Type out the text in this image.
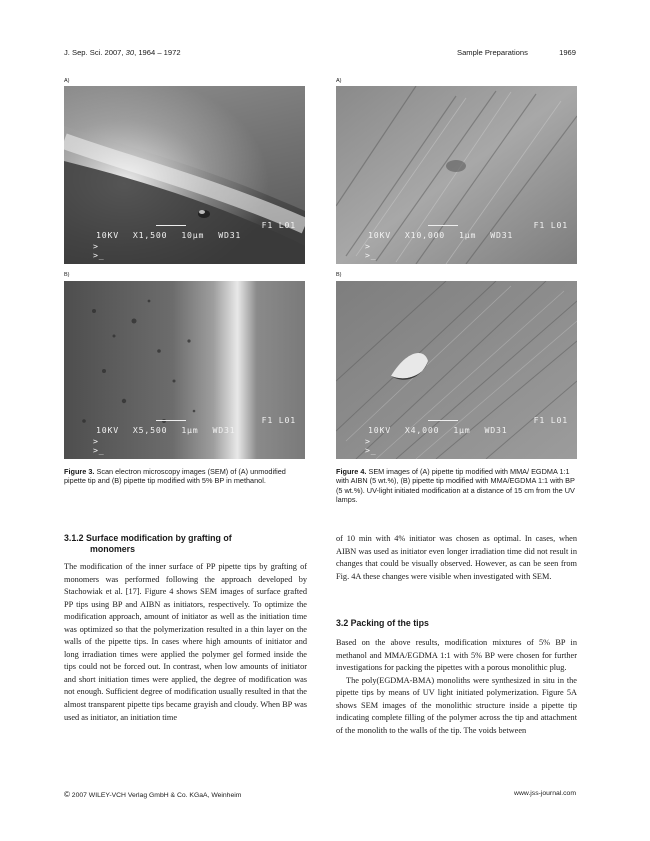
J. Sep. Sci. 2007, 30, 1964 – 1972	Sample Preparations	1969
A)
F1 L01
10KV X1,500 10µm WD31
>
>_
B)
F1 L01
10KV X5,500 1µm WD31
>
>_
A)
F1 L01
10KV X10,000 1µm WD31
>
>_
B)
F1 L01
10KV X4,000 1µm WD31
>
>_
Figure 3. Scan electron microscopy images (SEM) of (A) unmodified pipette tip and (B) pipette tip modified with 5% BP in methanol.
Figure 4. SEM images of (A) pipette tip modified with MMA/ EGDMA 1:1 with AIBN (5 wt.%), (B) pipette tip modified with MMA/EGDMA 1:1 with BP (5 wt.%). UV-light initiated modification at a distance of 15 cm from the UV lamps.
3.1.2 Surface modification by grafting of
monomers

The modification of the inner surface of PP pipette tips by grafting of monomers was performed following the approach developed by Stachowiak et al. [17]. Figure 4 shows SEM images of surface grafted PP tips using BP and AIBN as initiators, respectively. To optimize the modification approach, amount of initiator as well as the initiation time was optimized so that the polymerization resulted in a thin layer on the walls of the pipette tips. In cases where high amounts of initiator and long irradiation times were applied the polymer gel formed inside the tips could not be forced out. In contrast, when low amounts of initiator and short initiation times were applied, the degree of modification was not enough. Sufficient degree of modification usually resulted in that the almost transparent pipette tips became grayish and cloudy. When BP was used as initiator, an initiation time

of 10 min with 4% initiator was chosen as optimal. In cases, when AIBN was used as initiator even longer irradiation time did not result in changes that could be visually observed. However, as can be seen from Fig. 4A these changes were visible when investigated with SEM.

3.2 Packing of the tips

Based on the above results, modification mixtures of 5% BP in methanol and MMA/EGDMA 1:1 with 5% BP were chosen for further investigations for packing the pipettes with a porous monolithic plug.

The poly(EGDMA-BMA) monoliths were synthesized in situ in the pipette tips by means of UV light initiated polymerization. Figure 5A shows SEM images of the monolithic structure inside a pipette tip indicating complete filling of the polymer across the tip and attachment of the monolith to the walls of the tip. The voids between

© 2007 WILEY-VCH Verlag GmbH & Co. KGaA, Weinheim	www.jss-journal.com
